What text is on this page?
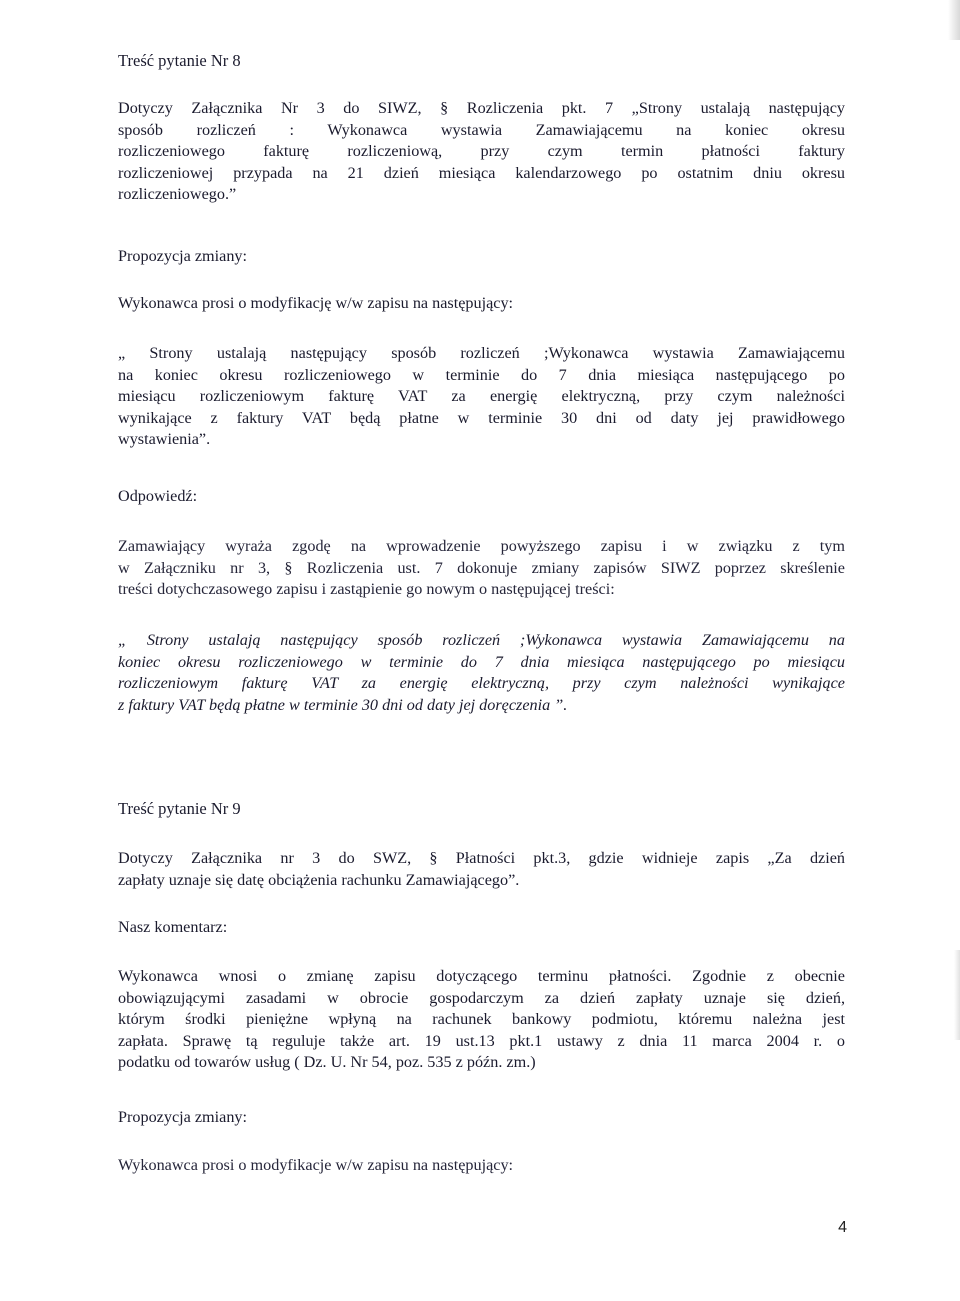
Treść pytanie Nr 8
Dotyczy Załącznika Nr 3 do SIWZ, § Rozliczenia pkt. 7 „Strony ustalają następujący
sposób rozliczeń : Wykonawca wystawia Zamawiającemu na koniec okresu
rozliczeniowego fakturę rozliczeniową, przy czym termin płatności faktury
rozliczeniowej przypada na 21 dzień miesiąca kalendarzowego po ostatnim dniu okresu
rozliczeniowego.”
Propozycja zmiany:
Wykonawca prosi o modyfikację w/w zapisu na następujący:
„ Strony ustalają następujący sposób rozliczeń ;Wykonawca wystawia Zamawiającemu
na koniec okresu rozliczeniowego w terminie do 7 dnia miesiąca następującego po
miesiącu rozliczeniowym fakturę VAT za energię elektryczną, przy czym należności
wynikające z faktury VAT będą płatne w terminie 30 dni od daty jej prawidłowego
wystawienia”.
Odpowiedź:
Zamawiający wyraża zgodę na wprowadzenie powyższego zapisu i w związku z tym
w Załączniku nr 3, § Rozliczenia ust. 7 dokonuje zmiany zapisów SIWZ poprzez skreślenie
treści dotychczasowego zapisu i zastąpienie go nowym o następującej treści:
„ Strony ustalają następujący sposób rozliczeń ;Wykonawca wystawia Zamawiającemu na
koniec okresu rozliczeniowego w terminie do 7 dnia miesiąca następującego po miesiącu
rozliczeniowym fakturę VAT za energię elektryczną, przy czym należności wynikające
z faktury VAT będą płatne w terminie 30 dni od daty jej doręczenia ”.
Treść pytanie Nr 9
Dotyczy Załącznika nr 3 do SWZ, § Płatności pkt.3, gdzie widnieje zapis „Za dzień
zapłaty uznaje się datę obciążenia rachunku Zamawiającego”.
Nasz komentarz:
Wykonawca wnosi o zmianę zapisu dotyczącego terminu płatności. Zgodnie z obecnie
obowiązującymi zasadami w obrocie gospodarczym za dzień zapłaty uznaje się dzień,
którym środki pieniężne wpłyną na rachunek bankowy podmiotu, któremu należna jest
zapłata. Sprawę tą reguluje także art. 19 ust.13 pkt.1 ustawy z dnia 11 marca 2004 r. o
podatku od towarów usług ( Dz. U. Nr 54, poz. 535 z późn. zm.)
Propozycja zmiany:
Wykonawca prosi o modyfikacje w/w zapisu na następujący:
4
